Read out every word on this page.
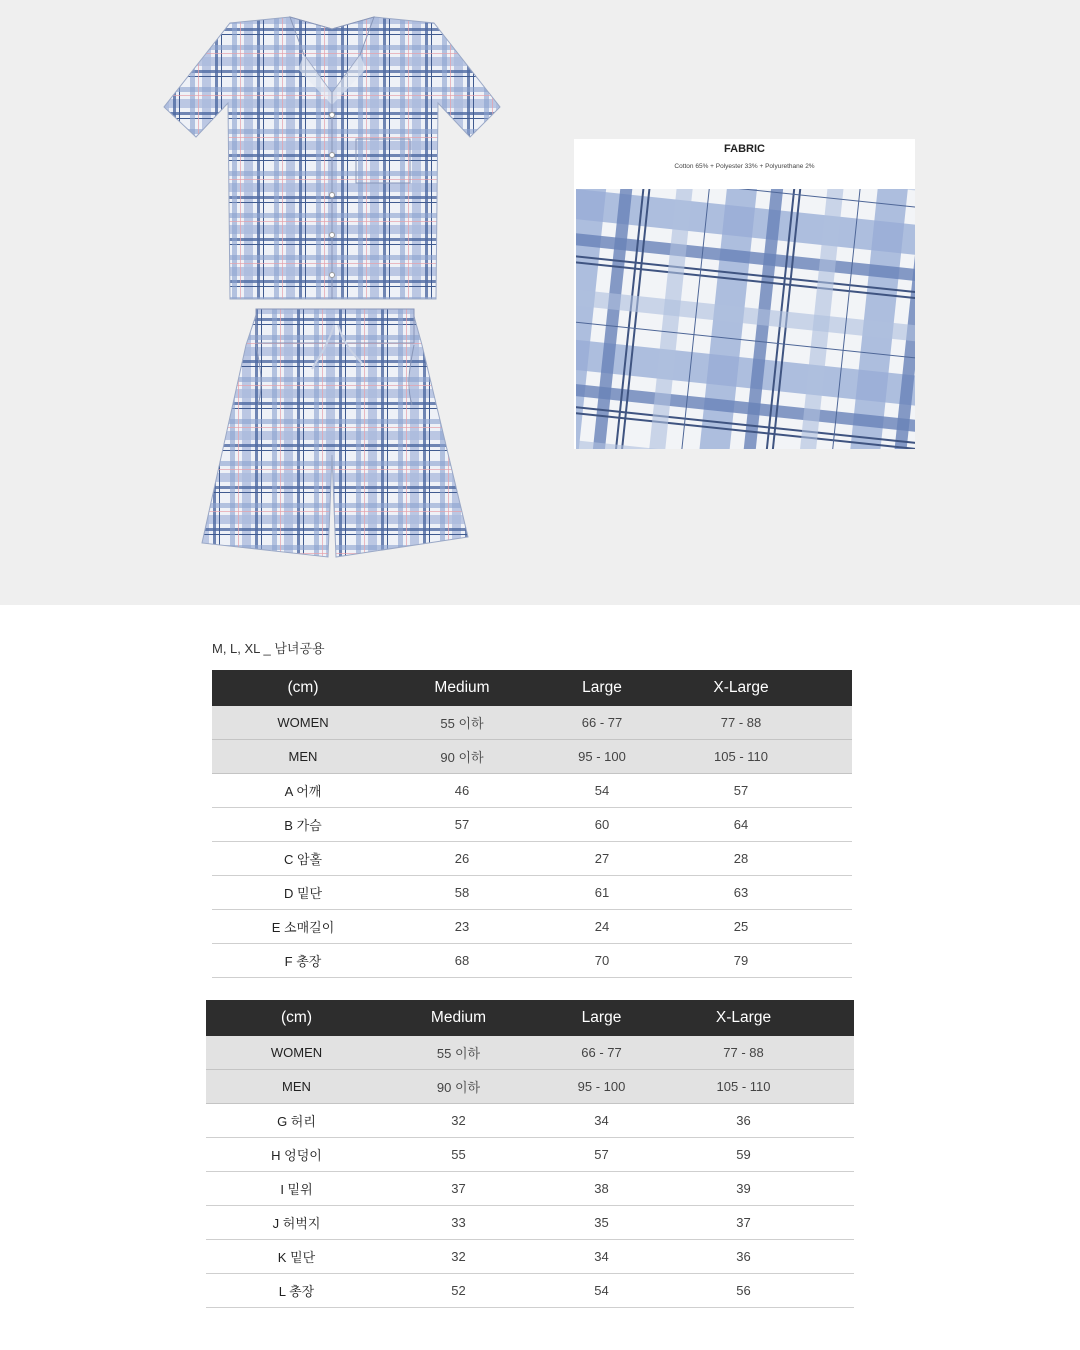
FABRIC
Cotton 65% + Polyester 33% + Polyurethane 2%
M, L, XL _ 남녀공용
(cm)	Medium	Large	X-Large	
WOMEN	55 이하	66 - 77	77 - 88	
MEN	90 이하	95 - 100	105 - 110	
A 어깨	46	54	57	
B 가슴	57	60	64	
C 암홀	26	27	28	
D 밑단	58	61	63	
E 소매길이	23	24	25	
F 총장	68	70	79	
(cm)	Medium	Large	X-Large	
WOMEN	55 이하	66 - 77	77 - 88	
MEN	90 이하	95 - 100	105 - 110	
G 허리	32	34	36	
H 엉덩이	55	57	59	
I 밑위	37	38	39	
J 허벅지	33	35	37	
K 밑단	32	34	36	
L 총장	52	54	56	
